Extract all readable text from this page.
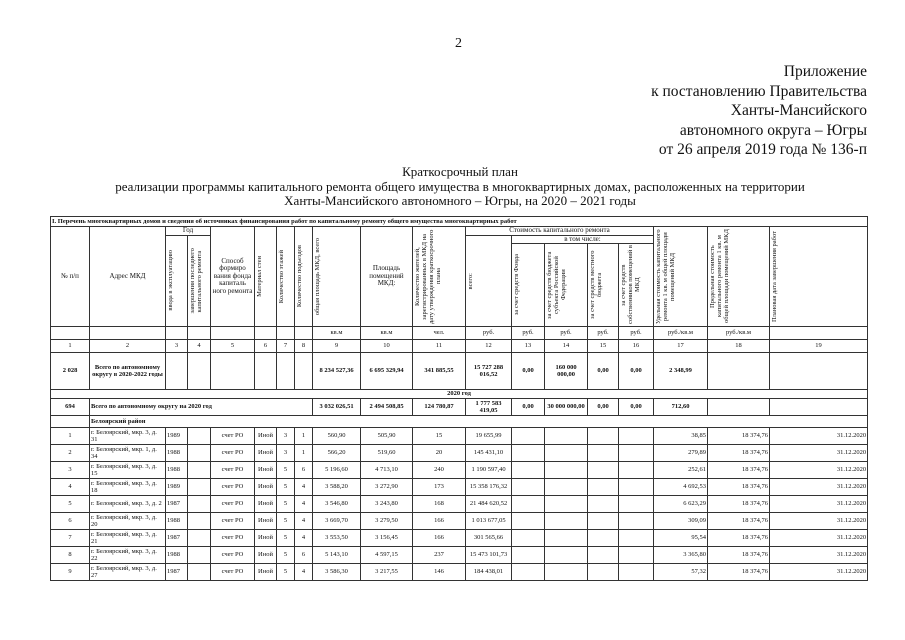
2
Приложение
к постановлению Правительства
Ханты-Мансийского
автономного округа – Югры
от 26 апреля 2019 года № 136-п
Краткосрочный план
реализации программы капитального ремонта общего имущества в многоквартирных домах, расположенных на территории
Ханты-Мансийского автономного – Югры, на 2020 – 2021 годы
I. Перечень многоквартирных домов и сведения об источниках финансирования работ по капитальному ремонту общего имущества многоквартирных работ																		
№ п/п	Адрес МКД	Год		Способ формиро вания фонда капиталь ного ремонта	Материал стен	Количество этажей	Количество подъездов	общая площадь МКД, всего	Площадь помещений МКД:	Количество жителей, зарегистрированных в МКД на дату утверждения краткосрочного плана	Стоимость капитального ремонта					Удельная стоимость капитального ремонта 1 кв. м общей площади помещений МКД	Предельная стоимость капитального ремонта 1 кв. м общей площади помещений МКД	Плановая дата завершения работ

		ввода в эксплуатацию	завершения последнего капитального ремонта								всего:	в том числе:						

												за счет средств Фонда	за счет средств бюджета субъекта Российской Федерации	за счет средств местного бюджета	за счет средств собственников помещений в МКД			

								кв.м	кв.м	чел.	руб.	руб.	руб.	руб.	руб.	руб./кв.м	руб./кв.м	
1	2	3	4	5	6	7	8	9	10	11	12	13	14	15	16	17	18	19
2 028	Всего по автономному округу в 2020-2022 годы							8 234 527,36	6 695 329,94	341 885,55	15 727 288 016,52	0,00	160 000 000,00	0,00	0,00	2 348,99		
2020 год																		
694	Всего по автономному округу на 2020 год							3 032 026,51	2 494 508,85	124 780,87	1 777 583 419,05	0,00	30 000 000,00	0,00	0,00	712,60		
	Белоярский район																	
1	г. Белоярский, мкр. 3, д. 31	1989		счет РО	Иной	3	1	560,90	505,90	15	19 655,99					38,85	18 374,76	31.12.2020
2	г. Белоярский, мкр. 1, д. 34	1988		счет РО	Иной	3	1	566,20	519,60	20	145 431,10					279,89	18 374,76	31.12.2020
3	г. Белоярский, мкр. 3, д. 15	1988		счет РО	Иной	5	6	5 196,60	4 713,10	240	1 190 597,40					252,61	18 374,76	31.12.2020
4	г. Белоярский, мкр. 3, д. 18	1989		счет РО	Иной	5	4	3 588,20	3 272,90	173	15 358 176,32					4 692,53	18 374,76	31.12.2020
5	г. Белоярский, мкр. 3, д. 2	1987		счет РО	Иной	5	4	3 546,80	3 243,80	168	21 484 620,52					6 623,29	18 374,76	31.12.2020
6	г. Белоярский, мкр. 3, д. 20	1988		счет РО	Иной	5	4	3 669,70	3 279,50	166	1 013 677,05					309,09	18 374,76	31.12.2020
7	г. Белоярский, мкр. 3, д. 21	1987		счет РО	Иной	5	4	3 553,50	3 156,45	166	301 565,66					95,54	18 374,76	31.12.2020
8	г. Белоярский, мкр. 3, д. 22	1988		счет РО	Иной	5	6	5 143,10	4 597,15	237	15 473 101,73					3 365,80	18 374,76	31.12.2020
9	г. Белоярский, мкр. 3, д. 27	1987		счет РО	Иной	5	4	3 586,30	3 217,55	146	184 438,01					57,32	18 374,76	31.12.2020
